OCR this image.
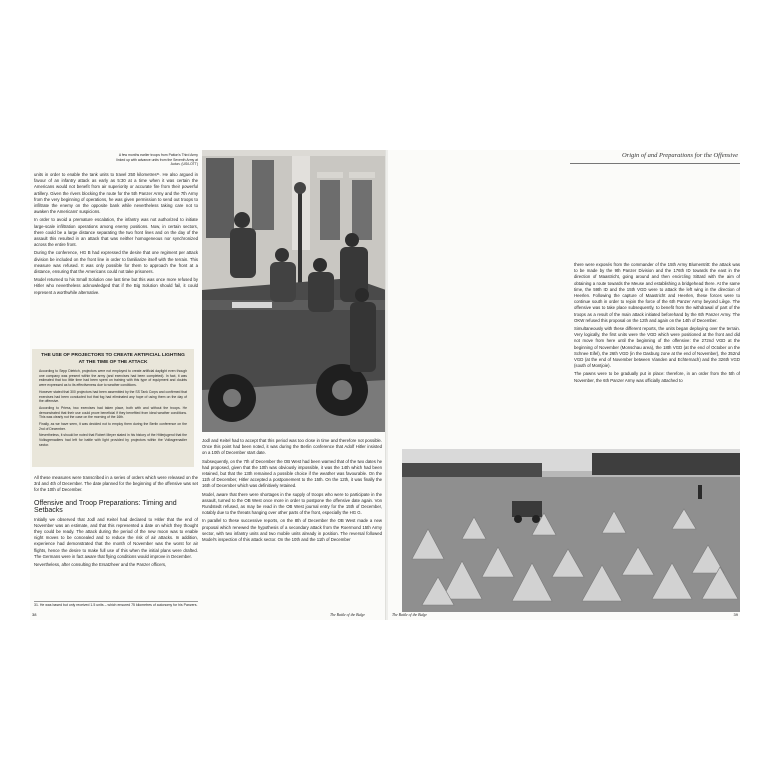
A few months earlier troops from Patton's Third Army linked up with advance units from the Seventh Army at Autun. (US/LOTT)

units in order to enable the tank units to travel 250 kilometres³¹. He also argued in favour of an infantry attack as early as 5:30 at a time when it was certain the Americans would not benefit from air superiority or accurate fire from their powerful artillery. Given the rivers blocking the route for the 5th Panzer Army and the 7th Army from the very beginning of operations, he was given permission to send out troops to infiltrate the enemy on the opposite bank while nevertheless taking care not to awaken the Americans' suspicions.

In order to avoid a premature escalation, the infantry was not authorized to initiate large-scale infiltration operations among enemy positions. Now, in certain sectors, there could be a large distance separating the two front lines and on the day of the assault this resulted in an attack that was neither homogeneous nor synchronized across the entire front.

During the conference, HG B had expressed the desire that one regiment per attack division be included on the front line in order to familiarize itself with the terrain. This measure was refused. It was only possible for them to approach the front at a distance, ensuring that the Americans could not take prisoners.

Model returned to his Small Solution one last time but this was once more refused by Hitler who nevertheless acknowledged that if the Big Solution should fail, it could represent a worthwhile alternative.

THE USE OF PROJECTORS TO CREATE ARTIFICIAL LIGHTING AT THE TIME OF THE ATTACK

According to Sepp Dietrich, projectors were not employed to create artificial daylight even though one company was present within the army (and exercises had been completed). In fact, it was estimated that too little time had been spent on training with this type of equipment and doubts were expressed as to its effectiveness due to weather conditions.

However stated that 300 projectors had been assembled by the SS Tank Corps and confirmed that exercises had been conducted but that fog had eliminated any hope of using them on the day of the offensive.

According to Priess, two exercises had taken place, both with and without the troops. He demonstrated that their use could prove beneficial if they benefited from ideal weather conditions. This was clearly not the case on the morning of the 16th.

Finally, as we have seen, it was decided not to employ them during the Berlin conference on the 2nd of December.

Nevertheless, it should be noted that Robert Meyer stated in his history of the Hitlerjugend that the Volksgrenadiers had left for battle with light provided by projectors within the Volksgrenadier sector.

All these measures were transcribed in a series of orders which were released on the 3rd and 4th of December. The date planned for the beginning of the offensive was set for the 10th of December.

Offensive and Troop Preparations: Timing and Setbacks

Initially we observed that Jodl and Keitel had declared to Hitler that the end of November was an estimate, and that this represented a date on which they thought they could be ready. The attack during the period of the new moon was to enable night moves to be concealed and to reduce the risk of air attacks. In addition, experience had demonstrated that the month of November was the worst for air flights, hence the desire to make full use of this when the initial plans were drafted. The Germans were in fact aware that flying conditions would improve in December.

Nevertheless, after consulting the Ersatzheer and the Panzer officers,

31. He was based but only received 1.5 units – which ensured 75 kilometres of autonomy for his Panzers.
38

Jodl and Keitel had to accept that this period was too close in time and therefore not possible. Once this point had been noted, it was during the Berlin conference that Adolf Hitler insisted on a 10th of December start date.

Subsequently, on the 7th of December the OB West had been warned that of the two dates he had proposed, given that the 10th was obviously impossible, it was the 14th which had been retained, but that the 13th remained a possible choice if the weather was favourable. On the 11th of December, Hitler accepted a postponement to the 15th. On the 12th, it was finally the 16th of December which was definitively retained.

Model, aware that there were shortages in the supply of troops who were to participate in the assault, turned to the OB West once more in order to postpone the offensive date again. Von Rundstedt refused, as may be read in the OB West journal entry for the 15th of December, notably due to the threats hanging over other parts of the front, especially the HG G.

In parallel to these successive reports, on the 8th of December the OB West made a new proposal which renewed the hypothesis of a secondary attack from the Roermond 15th Army sector, with two infantry units and two mobile units already in position. The reversal followed Model's inspection of this attack sector. On the 10th and the 11th of December

The Battle of the Bulge
Origin of and Preparations for the Offensive

there were exposés from the commander of the 15th Army Blumentritt: the attack was to be made by the 9th Panzer Division and the 176th ID towards the east in the direction of Maastricht, going around and then encircling Sittard with the aim of obtaining a route towards the Meuse and establishing a bridgehead there. At the same time, the 59th ID and the 15th VGD were to attack the left wing in the direction of Heerlen. Following the capture of Maastricht and Heerlen, these forces were to continue south in order to rejoin the force of the 6th Panzer Army beyond Liège. The offensive was to take place subsequently, to benefit from the withdrawal of part of the troops as a result of the main attack initiated beforehand by the 6th Panzer Army. The OKW refused this proposal on the 12th and again on the 14th of December.

Simultaneously with these different reports, the units began deploying over the terrain. Very logically, the first units were the VGD which were positioned at the front and did not move from here until the beginning of the offensive: the 272nd VGD at the beginning of November (Monschau area), the 18th VGD (at the end of October on the Schnee Eifel), the 26th VGD (in the Dasburg zone at the end of November), the 352nd VGD (at the end of November between Vianden and Echternach) and the 326th VGD (south of Montjoie).

The pawns were to be gradually put in place: therefore, in an order from the 5th of November, the 6th Panzer Army was officially attached to

39
The Battle of the Bulge
